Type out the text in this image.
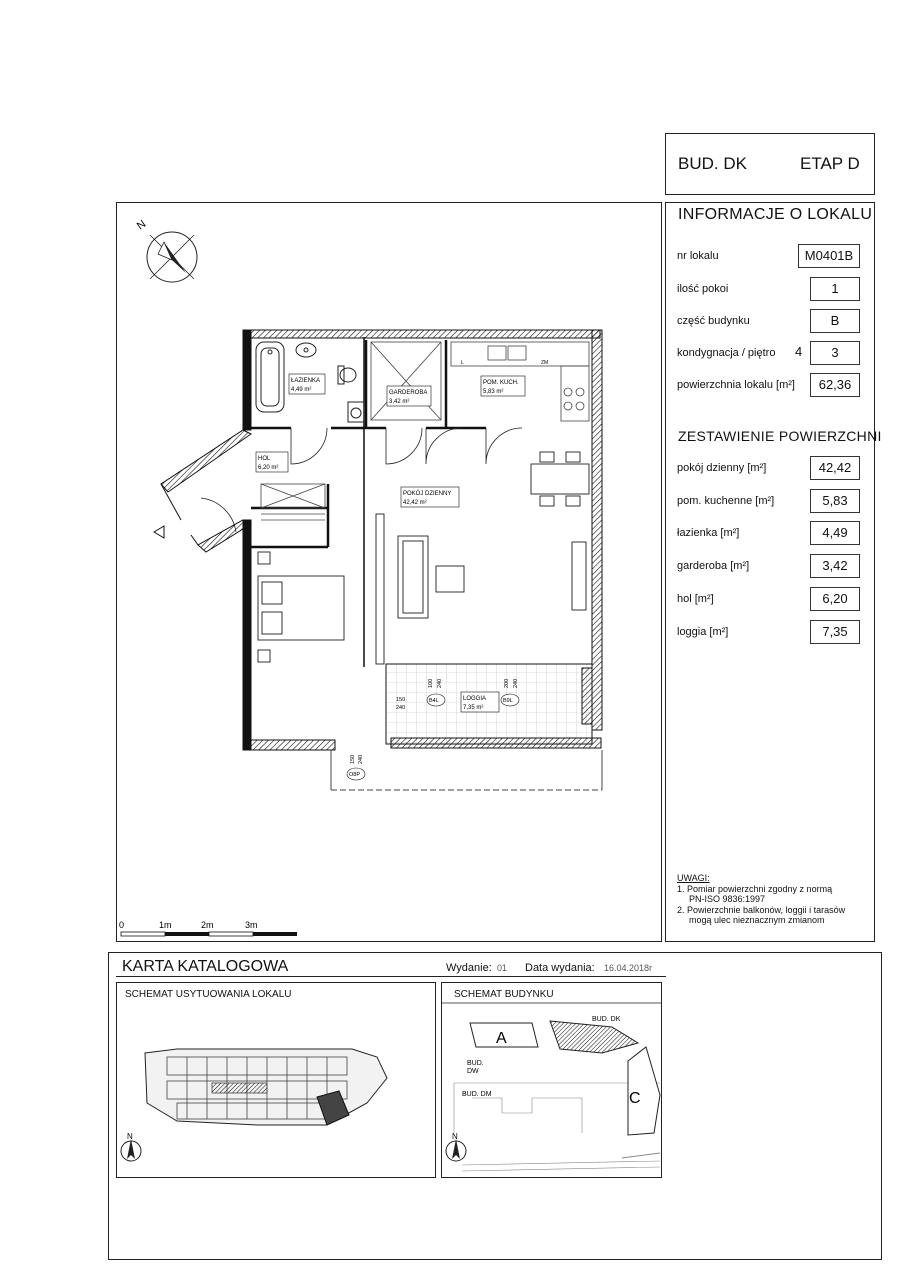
BUD. DK	ETAP D
INFORMACJE O LOKALU
nr lokalu	M0401B
ilość pokoi	1
część budynku	B
kondygnacja / piętro 4	3
powierzchnia lokalu [m²]	62,36
ZESTAWIENIE POWIERZCHNI
pokój dzienny [m²]	42,42
pom. kuchenne [m²]	5,83
łazienka [m²]	4,49
garderoba [m²]	3,42
hol [m²]	6,20
loggia [m²]	7,35
UWAGI:
1. Pomiar powierzchni zgodny z normą
PN-ISO 9836:1997
2. Powierzchnie balkonów, loggii i tarasów
mogą ulec nieznacznym zmianom
N
L	ZM
ŁAZIENKA
4,49 m²	GARDEROBA
3,42 m²
POM. KUCH.
5,83 m²
HOL
6,20 m²
POKÓJ DZIENNY
42,42 m²
LOGGIA
7,35 m²
B4L	B9L
O8P
150
240
100 240	200 240
150 240
0	1m	2m	3m
KARTA KATALOGOWA	Wydanie: 01 Data wydania: 16.04.2018r
SCHEMAT USYTUOWANIA LOKALU
N
SCHEMAT BUDYNKU
A
C
BUD. DK
BUD.
DW
BUD. DM
N
